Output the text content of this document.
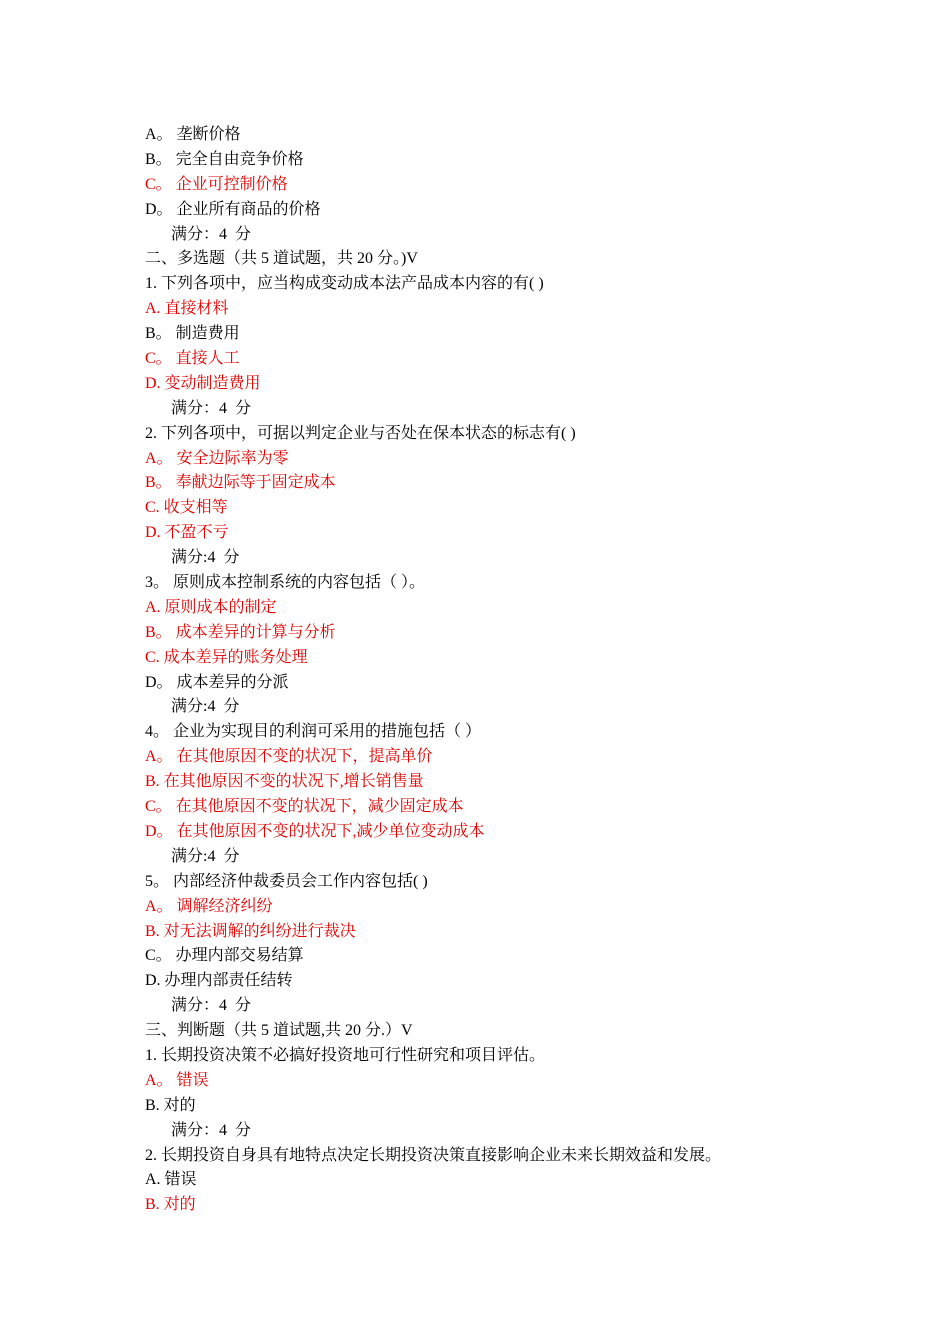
A。 垄断价格
B。 完全自由竞争价格
C。 企业可控制价格
D。 企业所有商品的价格
满分：4  分
二、多选题（共 5 道试题，共 20 分。)V
1. 下列各项中，应当构成变动成本法产品成本内容的有( )
A. 直接材料
B。 制造费用
C。 直接人工
D. 变动制造费用
满分：4  分
2. 下列各项中，可据以判定企业与否处在保本状态的标志有( )
A。 安全边际率为零
B。 奉献边际等于固定成本
C. 收支相等
D. 不盈不亏
满分:4  分
3。 原则成本控制系统的内容包括（ ）。
A. 原则成本的制定
B。 成本差异的计算与分析
C. 成本差异的账务处理
D。 成本差异的分派
满分:4  分
4。 企业为实现目的利润可采用的措施包括（ ）
A。 在其他原因不变的状况下，提高单价
B. 在其他原因不变的状况下,增长销售量
C。 在其他原因不变的状况下，减少固定成本
D。 在其他原因不变的状况下,减少单位变动成本
满分:4  分
5。 内部经济仲裁委员会工作内容包括( )
A。 调解经济纠纷
B. 对无法调解的纠纷进行裁决
C。 办理内部交易结算
D. 办理内部责任结转
满分：4  分
三、判断题（共 5 道试题,共 20 分.）V
1. 长期投资决策不必搞好投资地可行性研究和项目评估。
A。 错误
B. 对的
满分：4  分
2. 长期投资自身具有地特点决定长期投资决策直接影响企业未来长期效益和发展。
A. 错误
B. 对的
